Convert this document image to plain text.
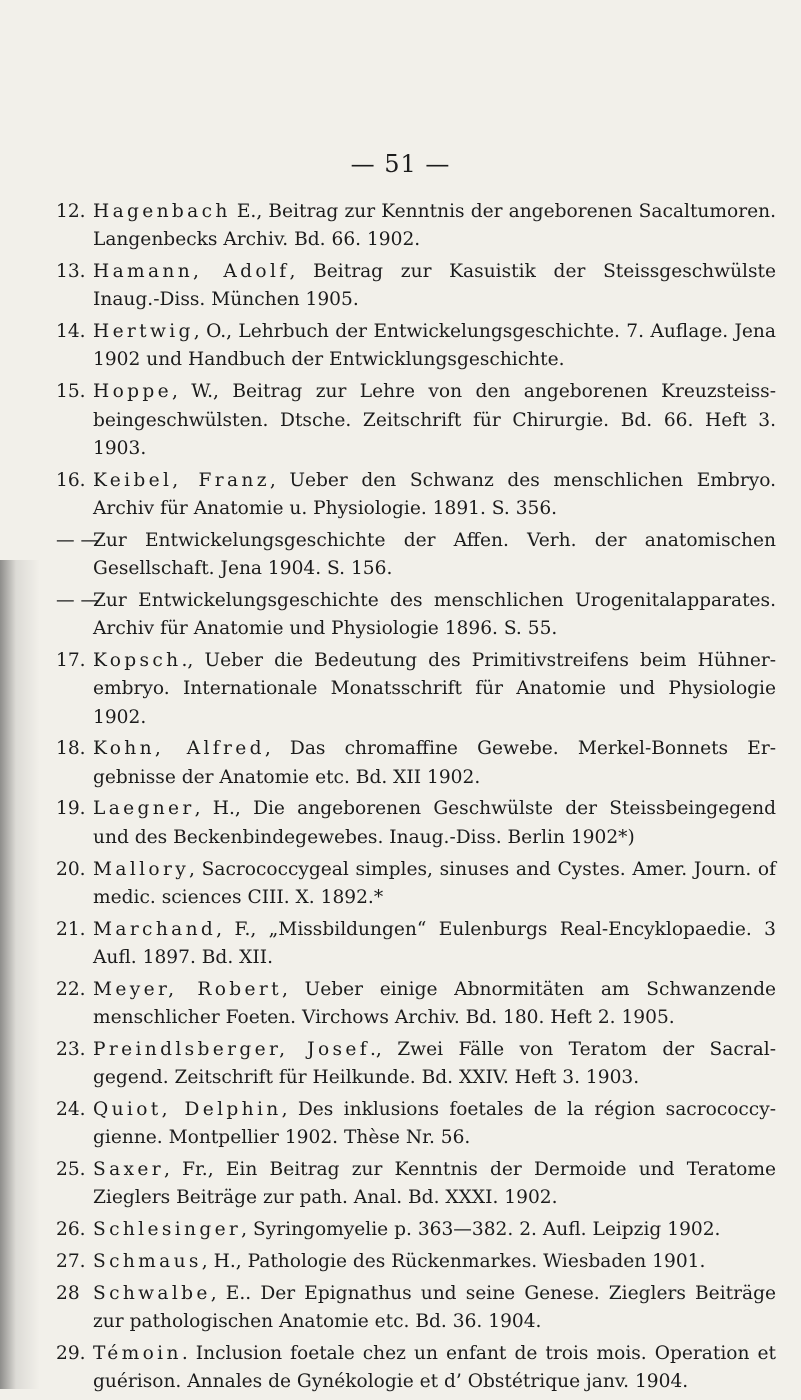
— 51 —
12. Hagenbach E., Beitrag zur Kenntnis der angeborenen Sacaltumoren. Langenbecks Archiv. Bd. 66. 1902.
13. Hamann, Adolf, Beitrag zur Kasuistik der Steissgeschwülste Inaug.-Diss. München 1905.
14. Hertwig, O., Lehrbuch der Entwickelungsgeschichte. 7. Auflage. Jena 1902 und Handbuch der Entwicklungsgeschichte.
15. Hoppe, W., Beitrag zur Lehre von den angeborenen Kreuzsteiss-beingeschwülsten. Dtsche. Zeitschrift für Chirurgie. Bd. 66. Heft 3. 1903.
16. Keibel, Franz, Ueber den Schwanz des menschlichen Embryo. Archiv für Anatomie u. Physiologie. 1891. S. 356.
— —
Zur Entwickelungsgeschichte der Affen. Verh. der anatomischen Gesellschaft. Jena 1904. S. 156.
— —
Zur Entwickelungsgeschichte des menschlichen Urogenitalapparates. Archiv für Anatomie und Physiologie 1896. S. 55.
17. Kopsch., Ueber die Bedeutung des Primitivstreifens beim Hühner-embryo. Internationale Monatsschrift für Anatomie und Physiologie 1902.
18. Kohn, Alfred, Das chromaffine Gewebe. Merkel-Bonnets Er-gebnisse der Anatomie etc. Bd. XII 1902.
19. Laegner, H., Die angeborenen Geschwülste der Steissbeingegend und des Beckenbindegewebes. Inaug.-Diss. Berlin 1902*)
20. Mallory, Sacrococcygeal simples, sinuses and Cystes. Amer. Journ. of medic. sciences CIII. X. 1892.*
21. Marchand, F., „Missbildungen“ Eulenburgs Real-Encyklopaedie. 3 Aufl. 1897. Bd. XII.
22. Meyer, Robert, Ueber einige Abnormitäten am Schwanzende menschlicher Foeten. Virchows Archiv. Bd. 180. Heft 2. 1905.
23. Preindlsberger, Josef., Zwei Fälle von Teratom der Sacral-gegend. Zeitschrift für Heilkunde. Bd. XXIV. Heft 3. 1903.
24. Quiot, Delphin, Des inklusions foetales de la région sacrococcy-gienne. Montpellier 1902. Thèse Nr. 56.
25. Saxer, Fr., Ein Beitrag zur Kenntnis der Dermoide und Teratome Zieglers Beiträge zur path. Anal. Bd. XXXI. 1902.
26. Schlesinger, Syringomyelie p. 363—382. 2. Aufl. Leipzig 1902.
27. Schmaus, H., Pathologie des Rückenmarkes. Wiesbaden 1901.
28 Schwalbe, E.. Der Epignathus und seine Genese. Zieglers Beiträge zur pathologischen Anatomie etc. Bd. 36. 1904.
29. Témoin. Inclusion foetale chez un enfant de trois mois. Operation et guérison. Annales de Gynékologie et d’ Obstétrique janv. 1904.
